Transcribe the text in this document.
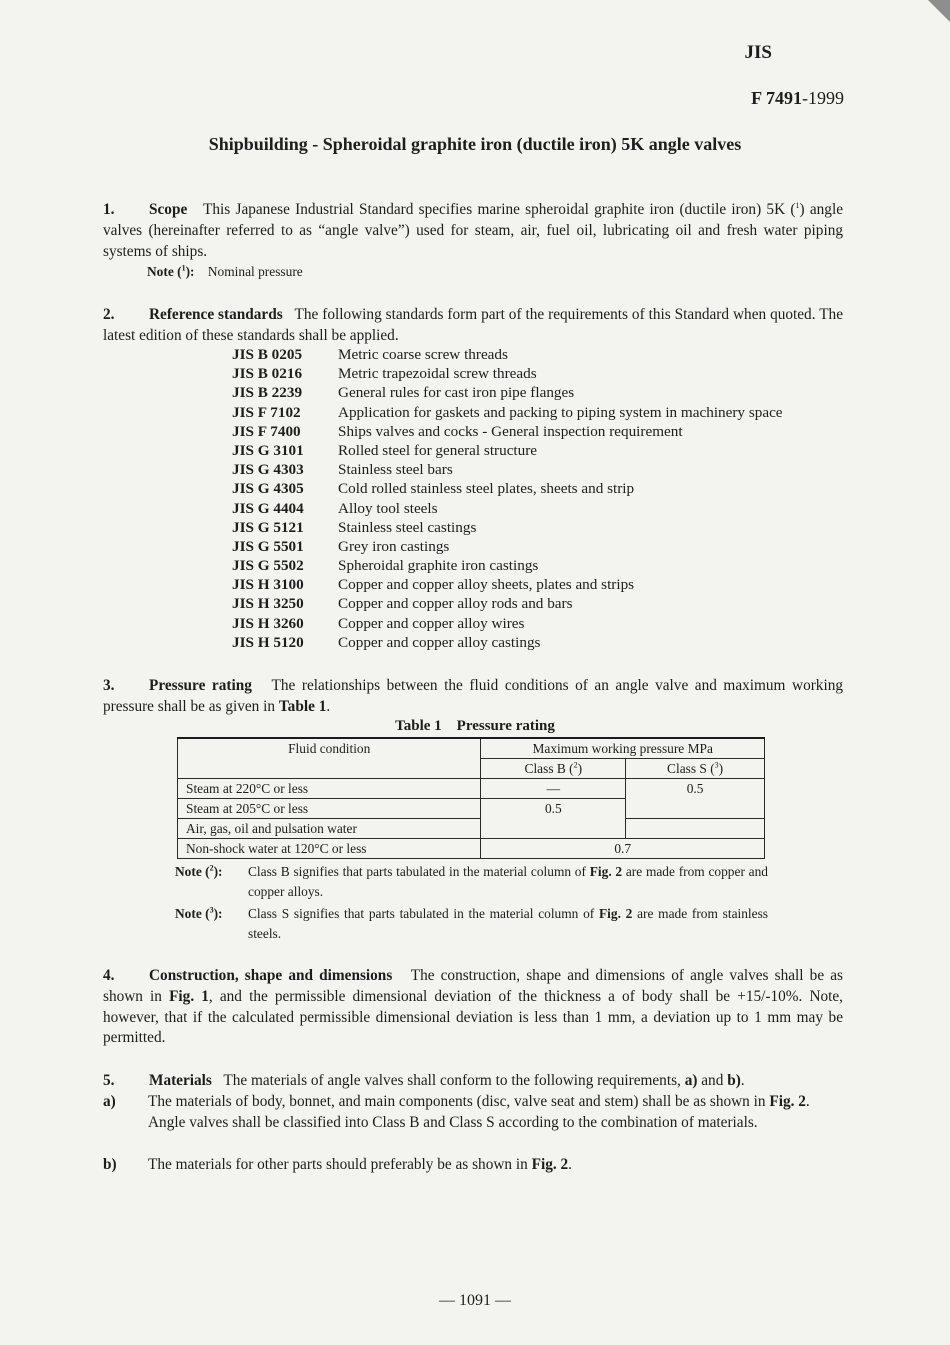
JIS
F 7491-1999
Shipbuilding - Spheroidal graphite iron (ductile iron) 5K angle valves
1. Scope This Japanese Industrial Standard specifies marine spheroidal graphite iron (ductile iron) 5K ($^1$) angle valves (hereinafter referred to as “angle valve”) used for steam, air, fuel oil, lubricating oil and fresh water piping systems of ships.
Note ($^1$): Nominal pressure
2. Reference standards The following standards form part of the requirements of this Standard when quoted. The latest edition of these standards shall be applied.
JIS B 0205	Metric coarse screw threads
JIS B 0216	Metric trapezoidal screw threads
JIS B 2239	General rules for cast iron pipe flanges
JIS F 7102	Application for gaskets and packing to piping system in machinery space
JIS F 7400	Ships valves and cocks - General inspection requirement
JIS G 3101	Rolled steel for general structure
JIS G 4303	Stainless steel bars
JIS G 4305	Cold rolled stainless steel plates, sheets and strip
JIS G 4404	Alloy tool steels
JIS G 5121	Stainless steel castings
JIS G 5501	Grey iron castings
JIS G 5502	Spheroidal graphite iron castings
JIS H 3100	Copper and copper alloy sheets, plates and strips
JIS H 3250	Copper and copper alloy rods and bars
JIS H 3260	Copper and copper alloy wires
JIS H 5120	Copper and copper alloy castings
3. Pressure rating The relationships between the fluid conditions of an angle valve and maximum working pressure shall be as given in Table 1.
Table 1    Pressure rating
Fluid condition	Maximum working pressure MPa	
	Class B ($^2$)	Class S ($^3$)
Steam at 220°C or less	—	0.5
Steam at 205°C or less	0.5	
Air, gas, oil and pulsation water		
Non-shock water at 120°C or less	0.7	
Note ($^2$): Class B signifies that parts tabulated in the material column of Fig. 2 are made from copper and copper alloys.
Note ($^3$): Class S signifies that parts tabulated in the material column of Fig. 2 are made from stainless steels.
4. Construction, shape and dimensions The construction, shape and dimensions of angle valves shall be as shown in Fig. 1, and the permissible dimensional deviation of the thickness a of body shall be +15/-10%. Note, however, that if the calculated permissible dimensional deviation is less than 1 mm, a deviation up to 1 mm may be permitted.
5. Materials The materials of angle valves shall conform to the following requirements, a) and b).
a) The materials of body, bonnet, and main components (disc, valve seat and stem) shall be as shown in Fig. 2.
Angle valves shall be classified into Class B and Class S according to the combination of materials.
b) The materials for other parts should preferably be as shown in Fig. 2.
— 1091 —
